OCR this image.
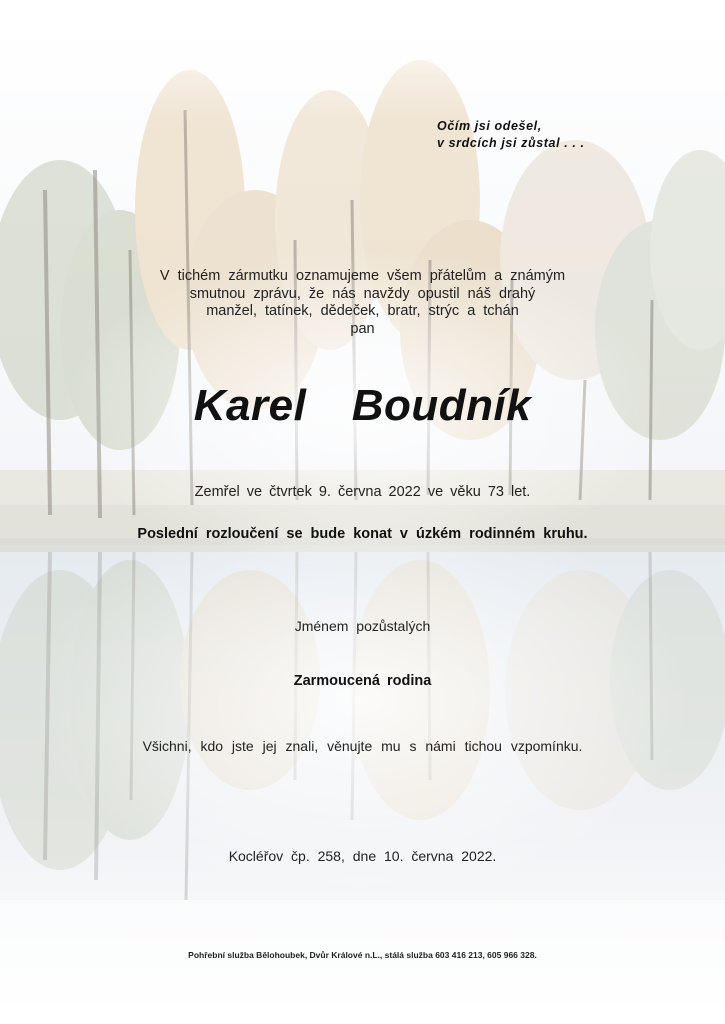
Očím jsi odešel,
v srdcích jsi zůstal . . .
V tichém zármutku oznamujeme všem přátelům a známým
smutnou zprávu, že nás navždy opustil náš drahý
manžel, tatínek, dědeček, bratr, strýc a tchán
pan
Karel  Boudník
Zemřel ve čtvrtek 9. června 2022 ve věku 73 let.
Poslední rozloučení se bude konat v úzkém rodinném kruhu.
Jménem pozůstalých
Zarmoucená rodina
Všichni, kdo jste jej znali, věnujte mu s námi tichou vzpomínku.
Kocléřov čp. 258, dne 10. června 2022.
Pohřební služba Bělohoubek, Dvůr Králové n.L., stálá služba 603 416 213, 605 966 328.
